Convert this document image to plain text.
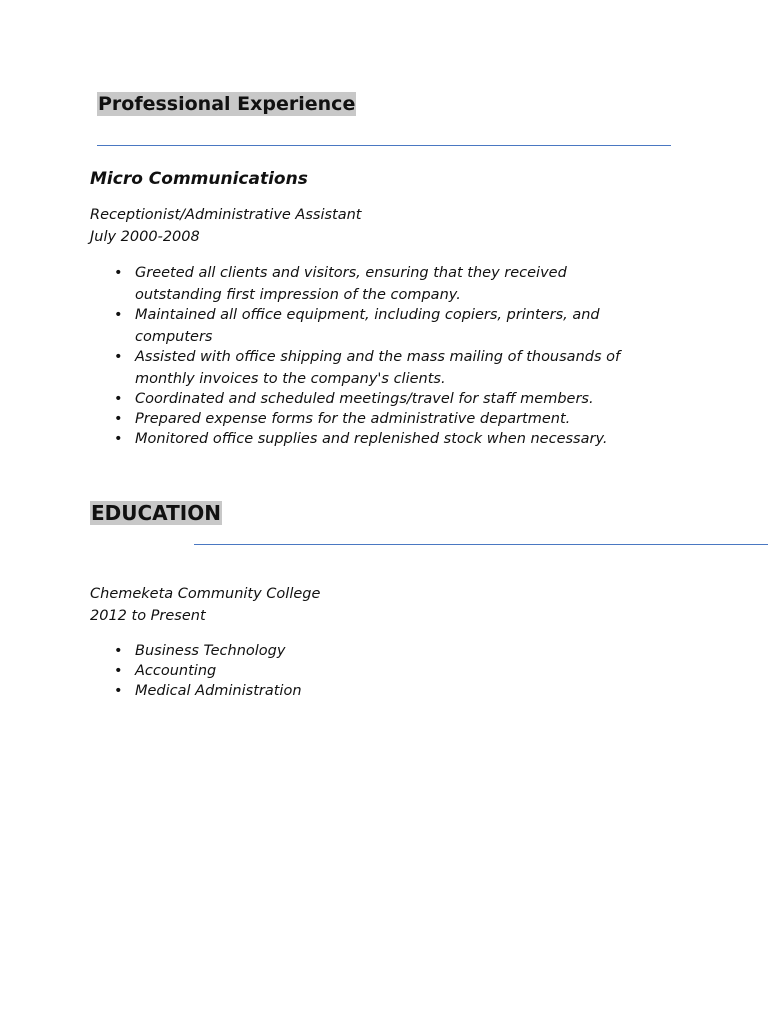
Professional Experience
Micro Communications
Receptionist/Administrative Assistant
July 2000-2008
• Greeted all clients and visitors, ensuring that they received outstanding first impression of the company.
• Maintained all office equipment, including copiers, printers, and computers
• Assisted with office shipping and the mass mailing of thousands of monthly invoices to the company's clients.
• Coordinated and scheduled meetings/travel for staff members.
• Prepared expense forms for the administrative department.
• Monitored office supplies and replenished stock when necessary.
EDUCATION
Chemeketa Community College
2012 to Present
• Business Technology
• Accounting
• Medical Administration
